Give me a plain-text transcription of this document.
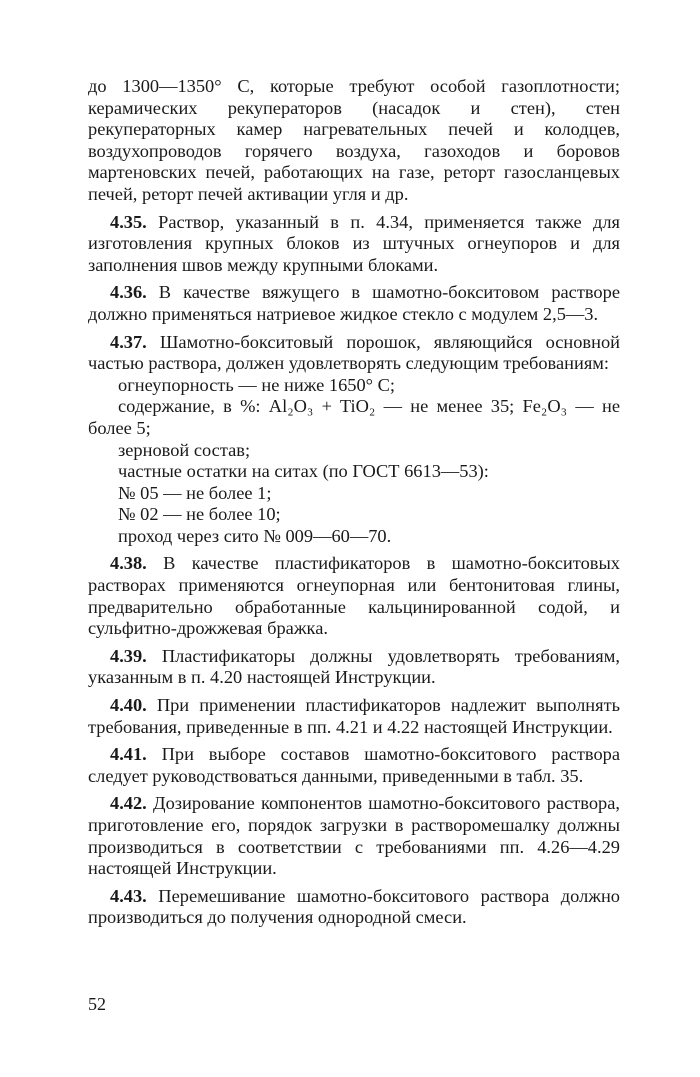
до 1300—1350° С, которые требуют особой газоплотности; керамических рекуператоров (насадок и стен), стен рекуператорных камер нагревательных печей и колодцев, воздухопроводов горячего воздуха, газоходов и боровов мартеновских печей, работающих на газе, реторт газосланцевых печей, реторт печей активации угля и др.

4.35. Раствор, указанный в п. 4.34, применяется также для изготовления крупных блоков из штучных огнеупоров и для заполнения швов между крупными блоками.

4.36. В качестве вяжущего в шамотно-бокситовом растворе должно применяться натриевое жидкое стекло с модулем 2,5—3.

4.37. Шамотно-бокситовый порошок, являющийся основной частью раствора, должен удовлетворять следующим требованиям:

огнеупорность — не ниже 1650° С;

содержание, в %: Al₂O₃ + TiO₂ — не менее 35; Fe₂O₃ — не более 5;

зерновой состав;

частные остатки на ситах (по ГОСТ 6613—53):

№ 05 — не более 1;

№ 02 — не более 10;

проход через сито № 009—60—70.

4.38. В качестве пластификаторов в шамотно-бокситовых растворах применяются огнеупорная или бентонитовая глины, предварительно обработанные кальцинированной содой, и сульфитно-дрожжевая бражка.

4.39. Пластификаторы должны удовлетворять требованиям, указанным в п. 4.20 настоящей Инструкции.

4.40. При применении пластификаторов надлежит выполнять требования, приведенные в пп. 4.21 и 4.22 настоящей Инструкции.

4.41. При выборе составов шамотно-бокситового раствора следует руководствоваться данными, приведенными в табл. 35.

4.42. Дозирование компонентов шамотно-бокситового раствора, приготовление его, порядок загрузки в растворомешалку должны производиться в соответствии с требованиями пп. 4.26—4.29 настоящей Инструкции.

4.43. Перемешивание шамотно-бокситового раствора должно производиться до получения однородной смеси.

52
